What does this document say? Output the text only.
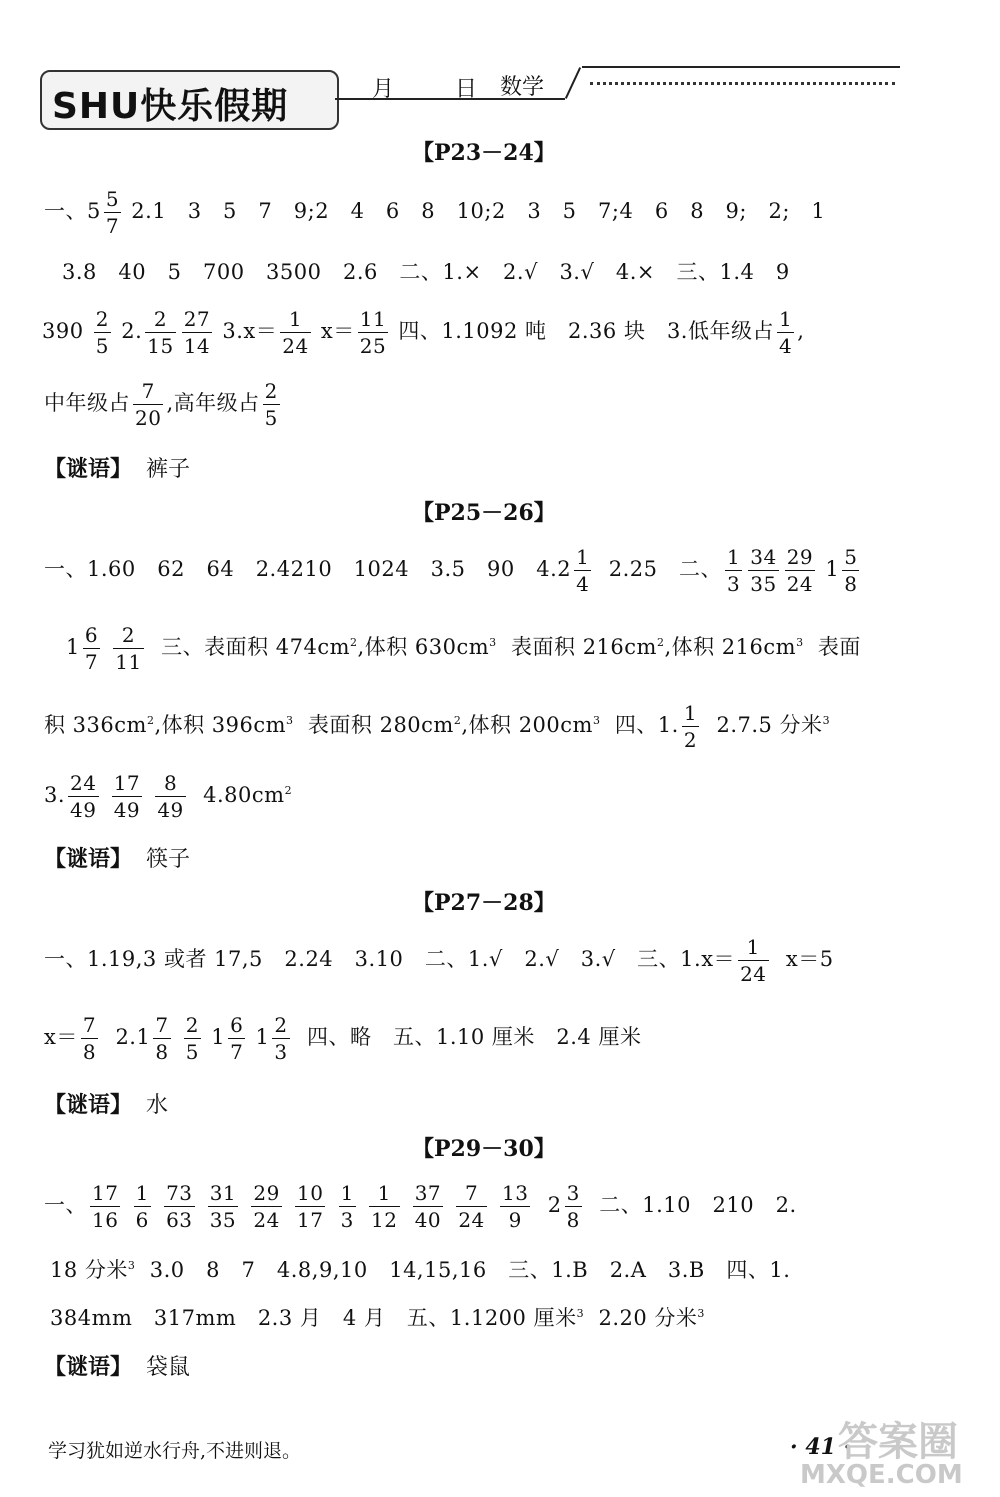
SHU快乐假期	月	日 数学
【P23－24】
一、$5 \frac{5}{7} 2.1$　3　5　7　9;2　4　6　8　10;2　3　5　7;4　6　8　9;　2;　1
3.8　40　5　700　3500　2.6　二、1.×　2.√　3.√　4.×　三、1.4　9
$390 \frac{2}{5} 2$. $\frac{2}{15} \frac{27}{14} 3.x= \frac{1}{24} x= \frac{11}{25}$ 四、1.1092 吨　2.36 块　3.低年级占 $\frac{1}{4}$ ,
中年级占 $\frac{7}{20}$ ,高年级占 $\frac{2}{5}$
【谜语】 裤子
【P25－26】
一、1.60　62　64　2.4210　1024　3.5　90　$4.2 \frac{1}{4} 2.25$　二、 $\frac{1}{3} \frac{34}{35} \frac{29}{24} 1 \frac{5}{8}$
$1 \frac{6}{7}$
$\frac{2}{11}$ 三、表面积 $474cm^2$,体积 $630cm^3$ 表面积 $216cm^2$,体积 $216cm^3$ 表面
积 $336cm^2$,体积 $396cm^3$ 表面积 $280cm^2$,体积 $200cm^3$ 四、1. $\frac{1}{2} 2.7.5$ 分米$^3$
3. $\frac{24}{49}$
$\frac{17}{49}$
$\frac{8}{49} 4.80cm^2$
【谜语】 筷子
【P27－28】
一、1.19,3 或者 17,5　2.24　3.10　二、1.√　2.√　3.√　三、$1.x= \frac{1}{24} x=5$
$x= \frac{7}{8} 2.1 \frac{7}{8}$
$\frac{2}{5} 1 \frac{6}{7} 1 \frac{2}{3}$ 四、略　五、1.10 厘米　2.4 厘米
【谜语】 水
【P29－30】
一、 $\frac{17}{16}$
$\frac{1}{6}$
$\frac{73}{63}$
$\frac{31}{35}$
$\frac{29}{24}$
$\frac{10}{17}$
$\frac{1}{3}$
$\frac{1}{12}$
$\frac{37}{40}$
$\frac{7}{24}$
$\frac{13}{9} 2 \frac{3}{8}$ 二、1.10　210　2.
18 分米$^3$ 3.0　8　7　4.8,9,10　14,15,16　三、1.B　2.A　3.B　四、1.
384mm　317mm　2.3 月　4 月　五、1.1200 厘米$^3$ 2.20 分米$^3$
【谜语】 袋鼠
学习犹如逆水行舟,不进则退。	· 41 ·
答案圈
MXQE.COM
